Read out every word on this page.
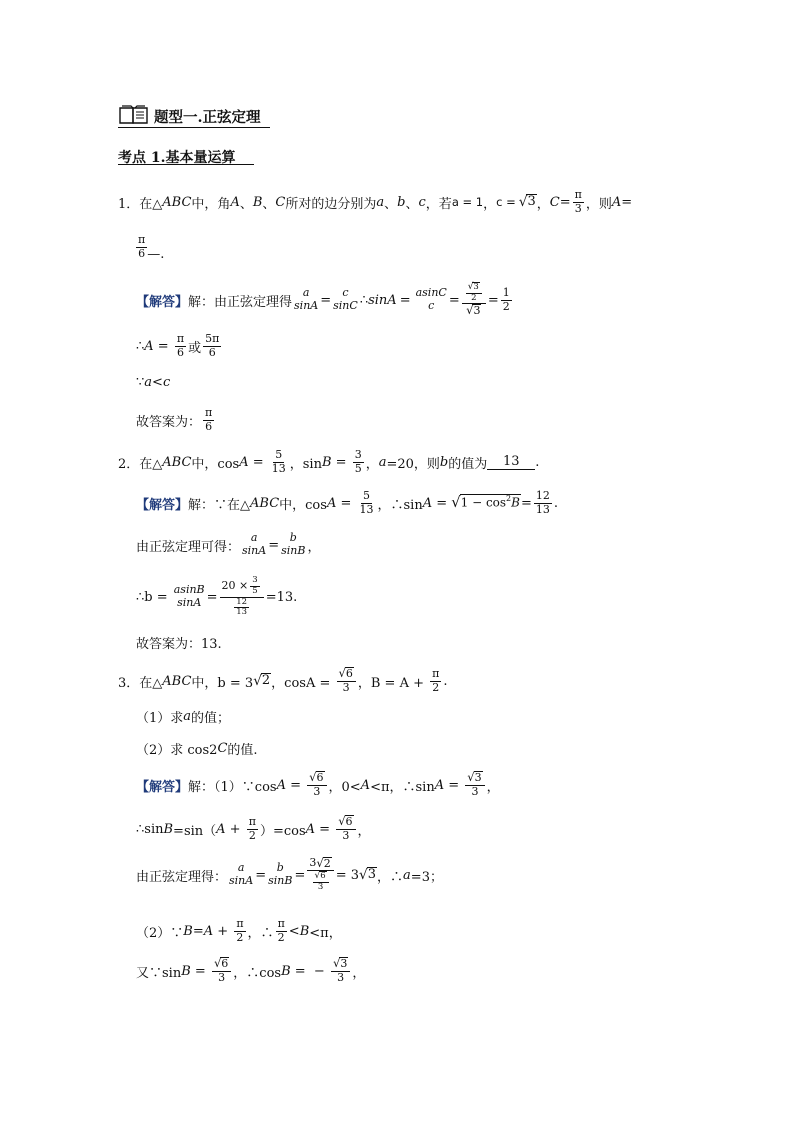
题型一.正弦定理
考点 1.基本量运算
1． 在△ ABC 中，角 A 、 B 、 C 所对的边分别为 a 、 b 、 c ，若 a = 1 ， c = √ 3 ， $C = \frac{\pi}{3}$ ，则 A =
$\frac{\pi}{6}$ —.
【解答】 解：由正弦定理得
a
sinA = c
sinC ∴ sinA = asinC
$c = \frac{\frac{√ 3}{2}}{√ 3} = \frac{1}{2}$
∴ $A = \frac{\pi}{6}$ 或 $\frac{5\pi}{6}$
∵ a < c
故答案为： $\frac{\pi}{6}$
2． 在△ ABC 中，$\cos A = \frac{5}{13}$ ，$\sin B = \frac{3}{5}$ ， a =20，则 b 的值为	13	.
【解答】 解：∵在△ ABC 中，$\cos A = \frac{5}{13}$ ，∴sin A = √ $1 - \cos^2B = \frac{12}{13}$ .
由正弦定理可得：
a
sinA = b
sinB ，
∴b = asinB
$\sin A = \frac{20 \times \frac{3}{5}}{\frac{12}{13}} =13$.
故答案为：13.
3． 在△ ABC 中，b = 3 √ 2 ，$\cos A = \frac{√ 6}{3}$ ，$B = A + \frac{\pi}{2}$ .
（1）求 a 的值；
（2）求 cos2 C 的值.
【解答】 解：（1）∵cos $A = \frac{√ 6}{3}$ ，0< A <π，∴sin $A = \frac{√ 3}{3}$ ，
∴sin B =sin（ $A + \frac{\pi}{2} )=\cos$ $A = \frac{√ 6}{3}$ ，
由正弦定理得：
a
sinA = b
$\sin B = \frac{3 √ 2}{\frac{√ 6}{3}} = 3$ √ 3 ，∴ a =3；
（2）∵ $B = A + \frac{\pi}{2}$ ，∴ $\frac{\pi}{2} < B <\pi$，
又∵sin $B = \frac{√ 6}{3}$ ，∴cos B =  − $\frac{√ 3}{3}$ ，
